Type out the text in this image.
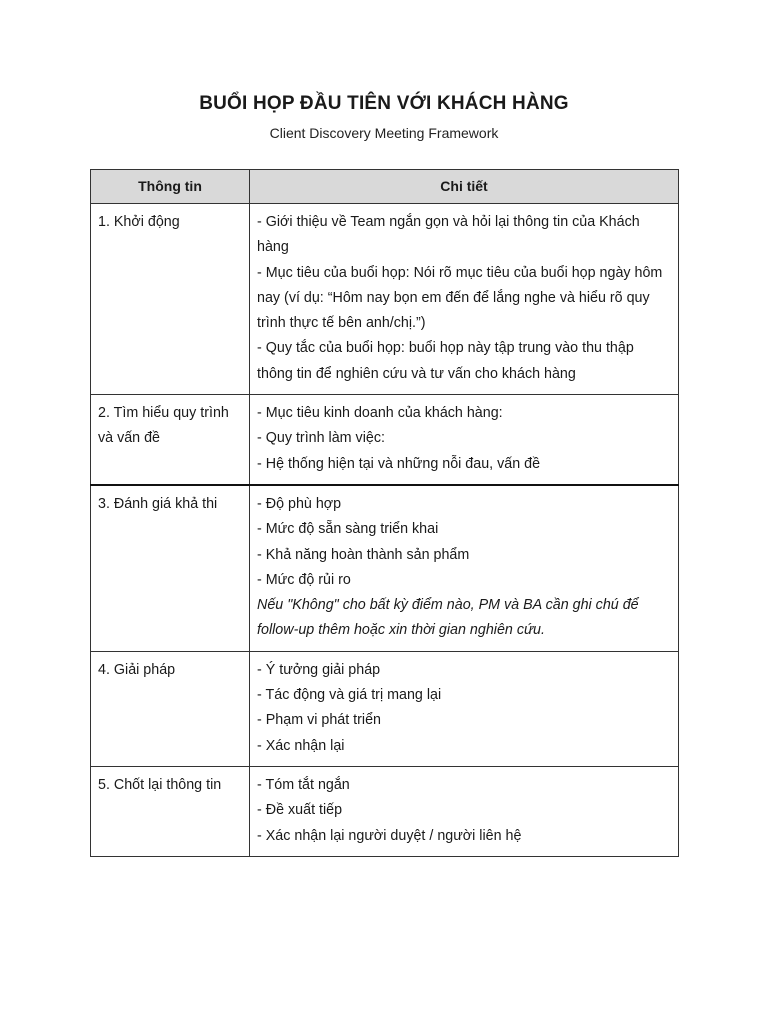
BUỔI HỌP ĐẦU TIÊN VỚI KHÁCH HÀNG

Client Discovery Meeting Framework

Thông tin	Chi tiết
1. Khởi động	- Giới thiệu về Team ngắn gọn và hỏi lại thông tin của Khách hàng
- Mục tiêu của buổi họp: Nói rõ mục tiêu của buổi họp ngày hôm nay (ví dụ: “Hôm nay bọn em đến để lắng nghe và hiểu rõ quy trình thực tế bên anh/chị.”)
- Quy tắc của buổi họp: buổi họp này tập trung vào thu thập thông tin để nghiên cứu và tư vấn cho khách hàng

2. Tìm hiểu quy trình và vấn đề	- Mục tiêu kinh doanh của khách hàng:
- Quy trình làm việc:
- Hệ thống hiện tại và những nỗi đau, vấn đề

3. Đánh giá khả thi	- Độ phù hợp
- Mức độ sẵn sàng triển khai
- Khả năng hoàn thành sản phẩm
- Mức độ rủi ro
Nếu "Không" cho bất kỳ điểm nào, PM và BA cần ghi chú để follow-up thêm hoặc xin thời gian nghiên cứu.

4. Giải pháp	- Ý tưởng giải pháp
- Tác động và giá trị mang lại
- Phạm vi phát triển
- Xác nhận lại

5. Chốt lại thông tin	- Tóm tắt ngắn
- Đề xuất tiếp
- Xác nhận lại người duyệt / người liên hệ
